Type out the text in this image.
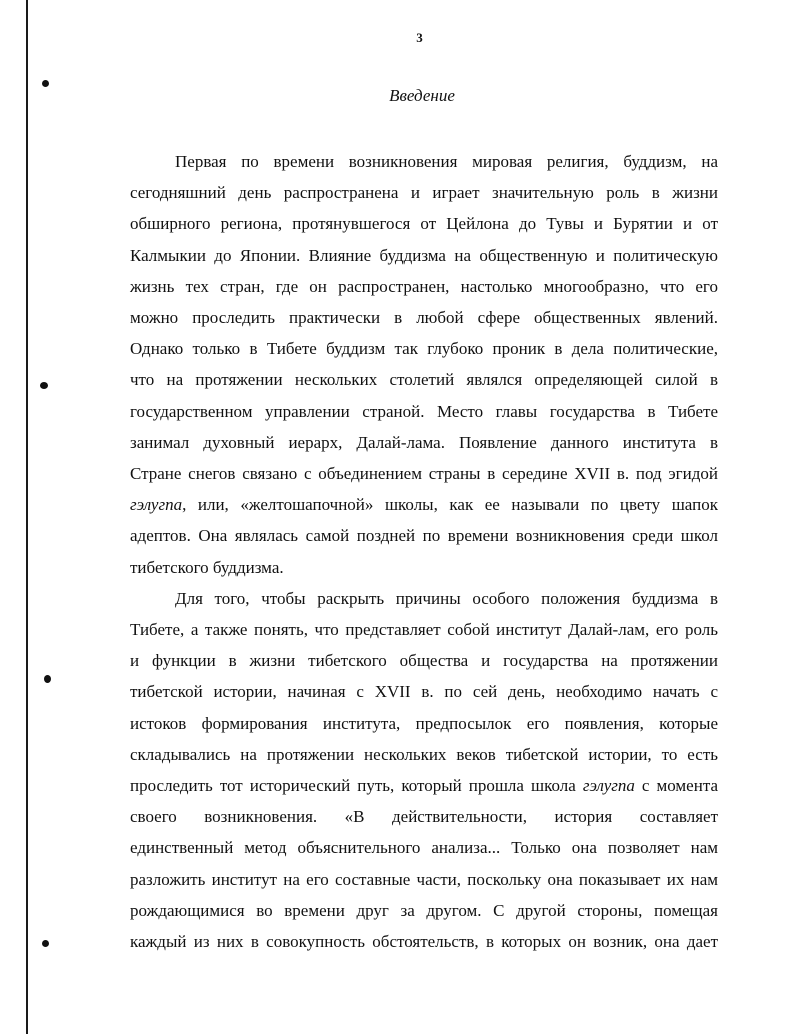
3
Введение
Первая по времени возникновения мировая религия, буддизм, на
сегодняшний день распространена и играет значительную роль в жизни
обширного региона, протянувшегося от Цейлона до Тувы и Бурятии и от
Калмыкии до Японии. Влияние буддизма на общественную и политическую
жизнь тех стран, где он распространен, настолько многообразно, что его
можно проследить практически в любой сфере общественных явлений.
Однако только в Тибете буддизм так глубоко проник в дела политические,
что на протяжении нескольких столетий являлся определяющей силой в
государственном управлении страной. Место главы государства в Тибете
занимал духовный иерарх, Далай-лама. Появление данного института в
Стране снегов связано с объединением страны в середине XVII в. под эгидой
гэлугпа, или, «желтошапочной» школы, как ее называли по цвету шапок
адептов. Она являлась самой поздней по времени возникновения среди школ
тибетского буддизма.
Для того, чтобы раскрыть причины особого положения буддизма в
Тибете, а также понять, что представляет собой институт Далай-лам, его роль
и функции в жизни тибетского общества и государства на протяжении
тибетской истории, начиная с XVII в. по сей день, необходимо начать с
истоков формирования института, предпосылок его появления, которые
складывались на протяжении нескольких веков тибетской истории, то есть
проследить тот исторический путь, который прошла школа гэлугпа с момента
своего возникновения. «В действительности, история составляет
единственный метод объяснительного анализа... Только она позволяет нам
разложить институт на его составные части, поскольку она показывает их нам
рождающимися во времени друг за другом. С другой стороны, помещая
каждый из них в совокупность обстоятельств, в которых он возник, она дает
